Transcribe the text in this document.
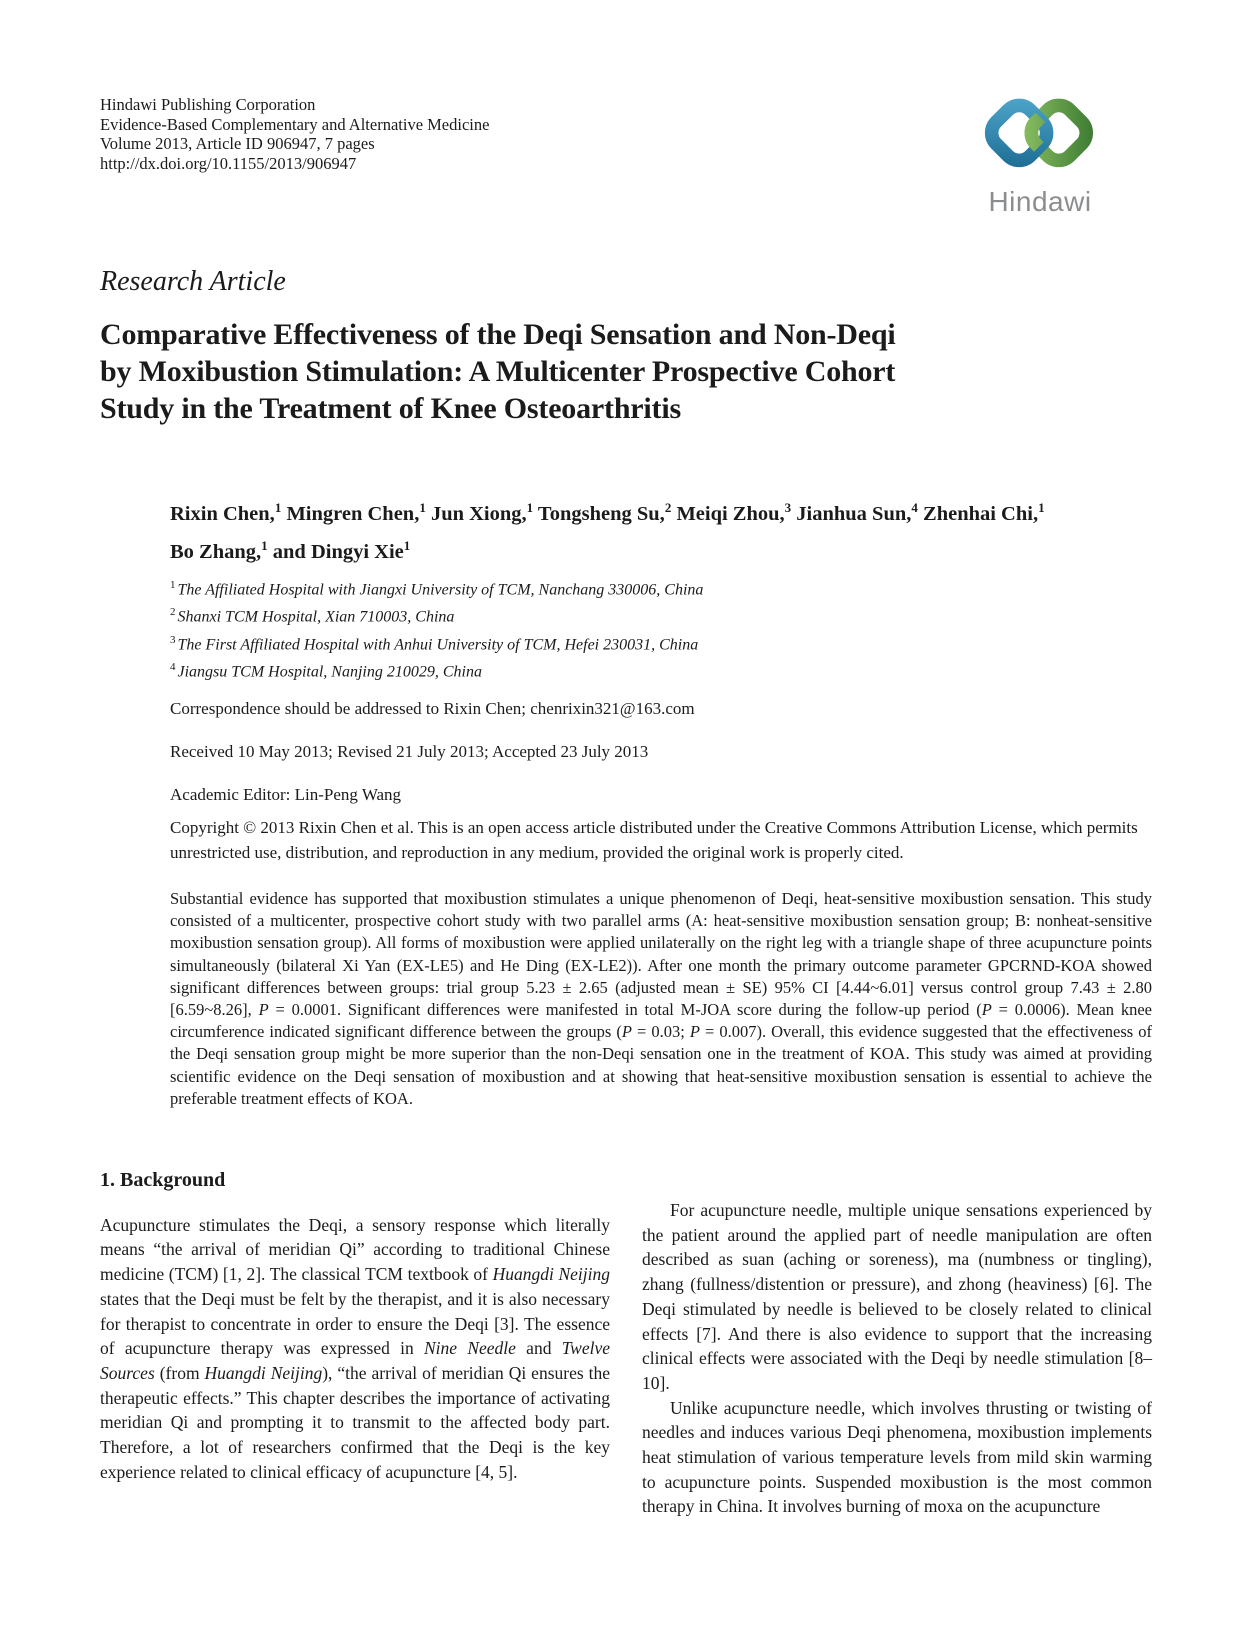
Hindawi Publishing Corporation
Evidence-Based Complementary and Alternative Medicine
Volume 2013, Article ID 906947, 7 pages
http://dx.doi.org/10.1155/2013/906947
Hindawi
Research Article
Comparative Effectiveness of the Deqi Sensation and Non-Deqi
by Moxibustion Stimulation: A Multicenter Prospective Cohort
Study in the Treatment of Knee Osteoarthritis
Rixin Chen,$^1$ Mingren Chen,$^1$ Jun Xiong,$^1$ Tongsheng Su,$^2$ Meiqi Zhou,$^3$ Jianhua Sun,$^4$ Zhenhai Chi,$^1$ Bo Zhang,$^1$ and Dingyi Xie$^1$
$^1$ The Affiliated Hospital with Jiangxi University of TCM, Nanchang 330006, China
$^2$ Shanxi TCM Hospital, Xian 710003, China
$^3$ The First Affiliated Hospital with Anhui University of TCM, Hefei 230031, China
$^4$ Jiangsu TCM Hospital, Nanjing 210029, China
Correspondence should be addressed to Rixin Chen; chenrixin321@163.com
Received 10 May 2013; Revised 21 July 2013; Accepted 23 July 2013
Academic Editor: Lin-Peng Wang
Copyright © 2013 Rixin Chen et al. This is an open access article distributed under the Creative Commons Attribution License, which permits unrestricted use, distribution, and reproduction in any medium, provided the original work is properly cited.
Substantial evidence has supported that moxibustion stimulates a unique phenomenon of Deqi, heat-sensitive moxibustion sensation. This study consisted of a multicenter, prospective cohort study with two parallel arms (A: heat-sensitive moxibustion sensation group; B: nonheat-sensitive moxibustion sensation group). All forms of moxibustion were applied unilaterally on the right leg with a triangle shape of three acupuncture points simultaneously (bilateral Xi Yan (EX-LE5) and He Ding (EX-LE2)). After one month the primary outcome parameter GPCRND-KOA showed significant differences between groups: trial group 5.23 ± 2.65 (adjusted mean ± SE) 95% CI [4.44~6.01] versus control group 7.43 ± 2.80 [6.59~8.26], P = 0.0001. Significant differences were manifested in total M-JOA score during the follow-up period (P = 0.0006). Mean knee circumference indicated significant difference between the groups (P = 0.03; P = 0.007). Overall, this evidence suggested that the effectiveness of the Deqi sensation group might be more superior than the non-Deqi sensation one in the treatment of KOA. This study was aimed at providing scientific evidence on the Deqi sensation of moxibustion and at showing that heat-sensitive moxibustion sensation is essential to achieve the preferable treatment effects of KOA.
1. Background

Acupuncture stimulates the Deqi, a sensory response which literally means “the arrival of meridian Qi” according to traditional Chinese medicine (TCM) [1, 2]. The classical TCM textbook of Huangdi Neijing states that the Deqi must be felt by the therapist, and it is also necessary for therapist to concentrate in order to ensure the Deqi [3]. The essence of acupuncture therapy was expressed in Nine Needle and Twelve Sources (from Huangdi Neijing), “the arrival of meridian Qi ensures the therapeutic effects.” This chapter describes the importance of activating meridian Qi and prompting it to transmit to the affected body part. Therefore, a lot of researchers confirmed that the Deqi is the key experience related to clinical efficacy of acupuncture [4, 5].

For acupuncture needle, multiple unique sensations experienced by the patient around the applied part of needle manipulation are often described as suan (aching or soreness), ma (numbness or tingling), zhang (fullness/distention or pressure), and zhong (heaviness) [6]. The Deqi stimulated by needle is believed to be closely related to clinical effects [7]. And there is also evidence to support that the increasing clinical effects were associated with the Deqi by needle stimulation [8–10].

Unlike acupuncture needle, which involves thrusting or twisting of needles and induces various Deqi phenomena, moxibustion implements heat stimulation of various temperature levels from mild skin warming to acupuncture points. Suspended moxibustion is the most common therapy in China. It involves burning of moxa on the acupuncture
